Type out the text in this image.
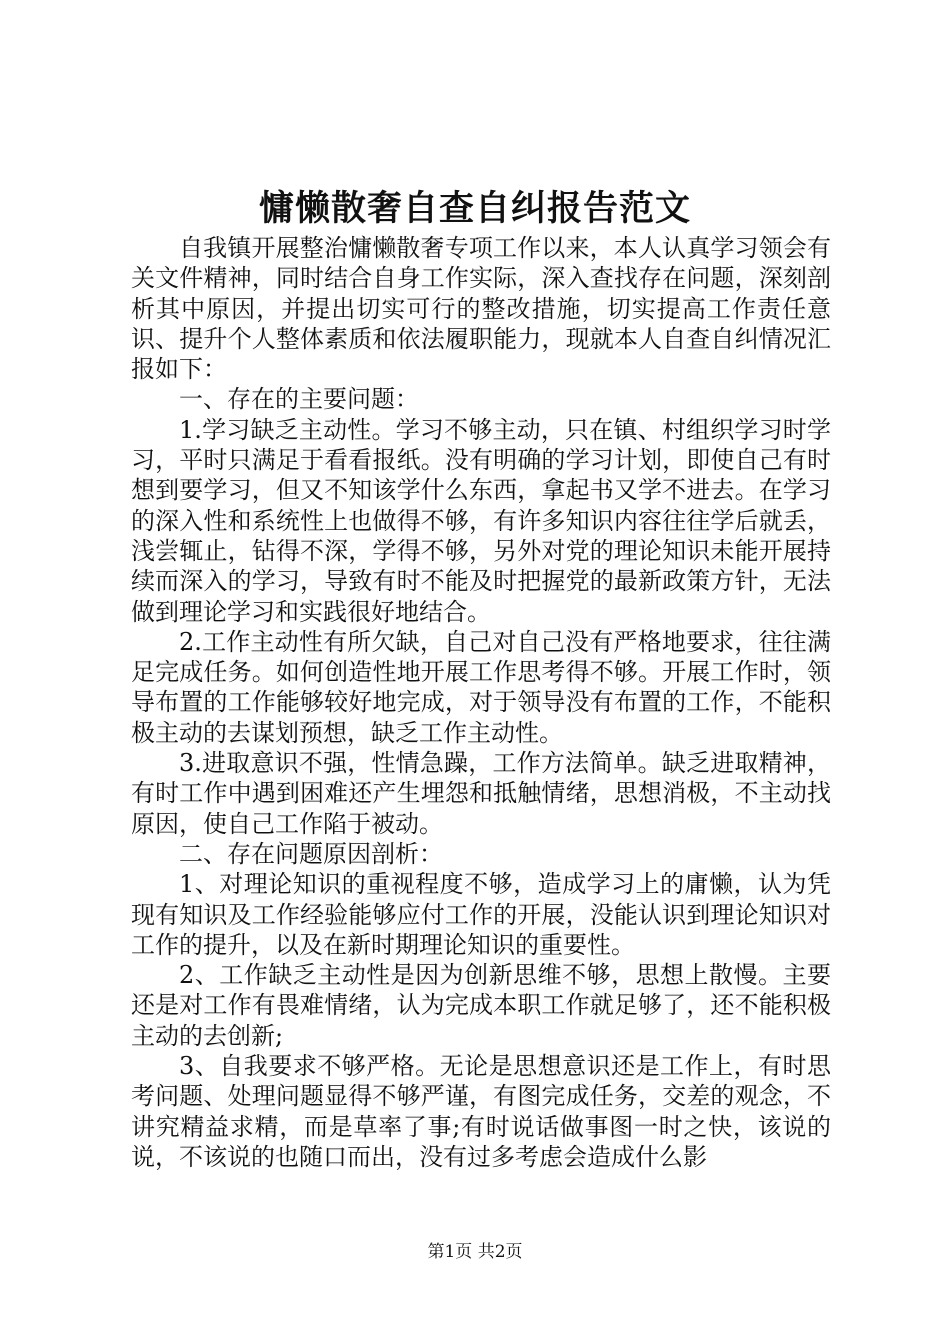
慵懒散奢自查自纠报告范文

自我镇开展整治慵懒散奢专项工作以来，本人认真学习领会有关文件精神，同时结合自身工作实际，深入查找存在问题，深刻剖析其中原因，并提出切实可行的整改措施，切实提高工作责任意识、提升个人整体素质和依法履职能力，现就本人自查自纠情况汇报如下：

一、存在的主要问题：

1.学习缺乏主动性。学习不够主动，只在镇、村组织学习时学习，平时只满足于看看报纸。没有明确的学习计划，即使自己有时想到要学习，但又不知该学什么东西，拿起书又学不进去。在学习的深入性和系统性上也做得不够，有许多知识内容往往学后就丢，浅尝辄止，钻得不深，学得不够，另外对党的理论知识未能开展持续而深入的学习，导致有时不能及时把握党的最新政策方针，无法做到理论学习和实践很好地结合。

2.工作主动性有所欠缺，自己对自己没有严格地要求，往往满足完成任务。如何创造性地开展工作思考得不够。开展工作时，领导布置的工作能够较好地完成，对于领导没有布置的工作，不能积极主动的去谋划预想，缺乏工作主动性。

3.进取意识不强，性情急躁，工作方法简单。缺乏进取精神，有时工作中遇到困难还产生埋怨和抵触情绪，思想消极，不主动找原因，使自己工作陷于被动。

二、存在问题原因剖析：

1、对理论知识的重视程度不够，造成学习上的庸懒，认为凭现有知识及工作经验能够应付工作的开展，没能认识到理论知识对工作的提升，以及在新时期理论知识的重要性。

2、工作缺乏主动性是因为创新思维不够，思想上散慢。主要还是对工作有畏难情绪，认为完成本职工作就足够了，还不能积极主动的去创新;

3、自我要求不够严格。无论是思想意识还是工作上，有时思考问题、处理问题显得不够严谨，有图完成任务，交差的观念，不讲究精益求精，而是草率了事;有时说话做事图一时之快，该说的说，不该说的也随口而出，没有过多考虑会造成什么影

第1页 共2页
